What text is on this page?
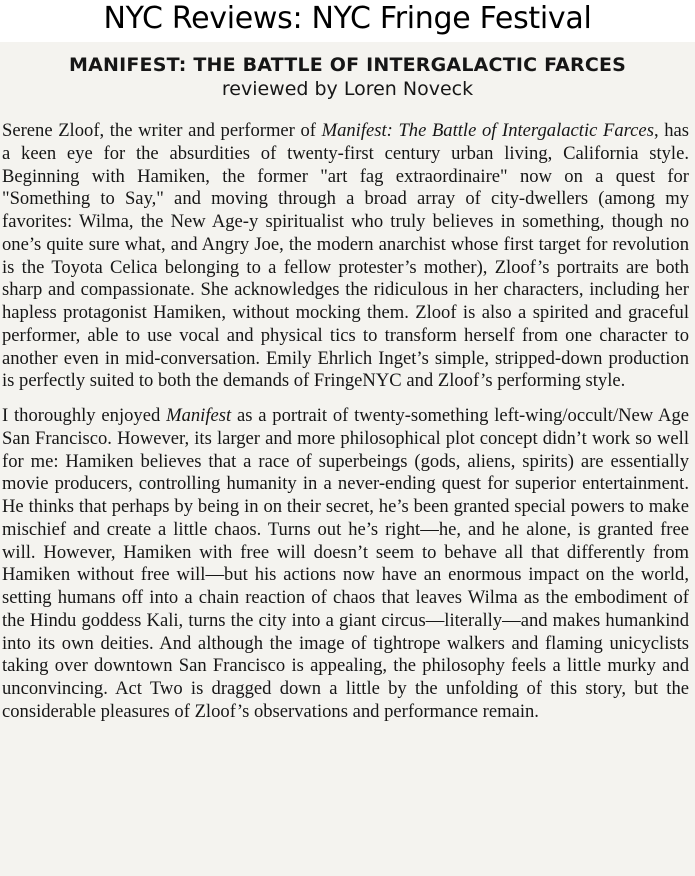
NYC Reviews: NYC Fringe Festival
MANIFEST: THE BATTLE OF INTERGALACTIC FARCES
reviewed by Loren Noveck

Serene Zloof, the writer and performer of Manifest: The Battle of Intergalactic Farces, has a keen eye for the absurdities of twenty-first century urban living, California style. Beginning with Hamiken, the former "art fag extraordinaire" now on a quest for "Something to Say," and moving through a broad array of city-dwellers (among my favorites: Wilma, the New Age-y spiritualist who truly believes in something, though no one’s quite sure what, and Angry Joe, the modern anarchist whose first target for revolution is the Toyota Celica belonging to a fellow protester’s mother), Zloof’s portraits are both sharp and compassionate. She acknowledges the ridiculous in her characters, including her hapless protagonist Hamiken, without mocking them. Zloof is also a spirited and graceful performer, able to use vocal and physical tics to transform herself from one character to another even in mid-conversation. Emily Ehrlich Inget’s simple, stripped-down production is perfectly suited to both the demands of FringeNYC and Zloof’s performing style.

I thoroughly enjoyed Manifest as a portrait of twenty-something left-wing/occult/New Age San Francisco. However, its larger and more philosophical plot concept didn’t work so well for me: Hamiken believes that a race of superbeings (gods, aliens, spirits) are essentially movie producers, controlling humanity in a never-ending quest for superior entertainment. He thinks that perhaps by being in on their secret, he’s been granted special powers to make mischief and create a little chaos. Turns out he’s right—he, and he alone, is granted free will. However, Hamiken with free will doesn’t seem to behave all that differently from Hamiken without free will—but his actions now have an enormous impact on the world, setting humans off into a chain reaction of chaos that leaves Wilma as the embodiment of the Hindu goddess Kali, turns the city into a giant circus—literally—and makes humankind into its own deities. And although the image of tightrope walkers and flaming unicyclists taking over downtown San Francisco is appealing, the philosophy feels a little murky and unconvincing. Act Two is dragged down a little by the unfolding of this story, but the considerable pleasures of Zloof’s observations and performance remain.
